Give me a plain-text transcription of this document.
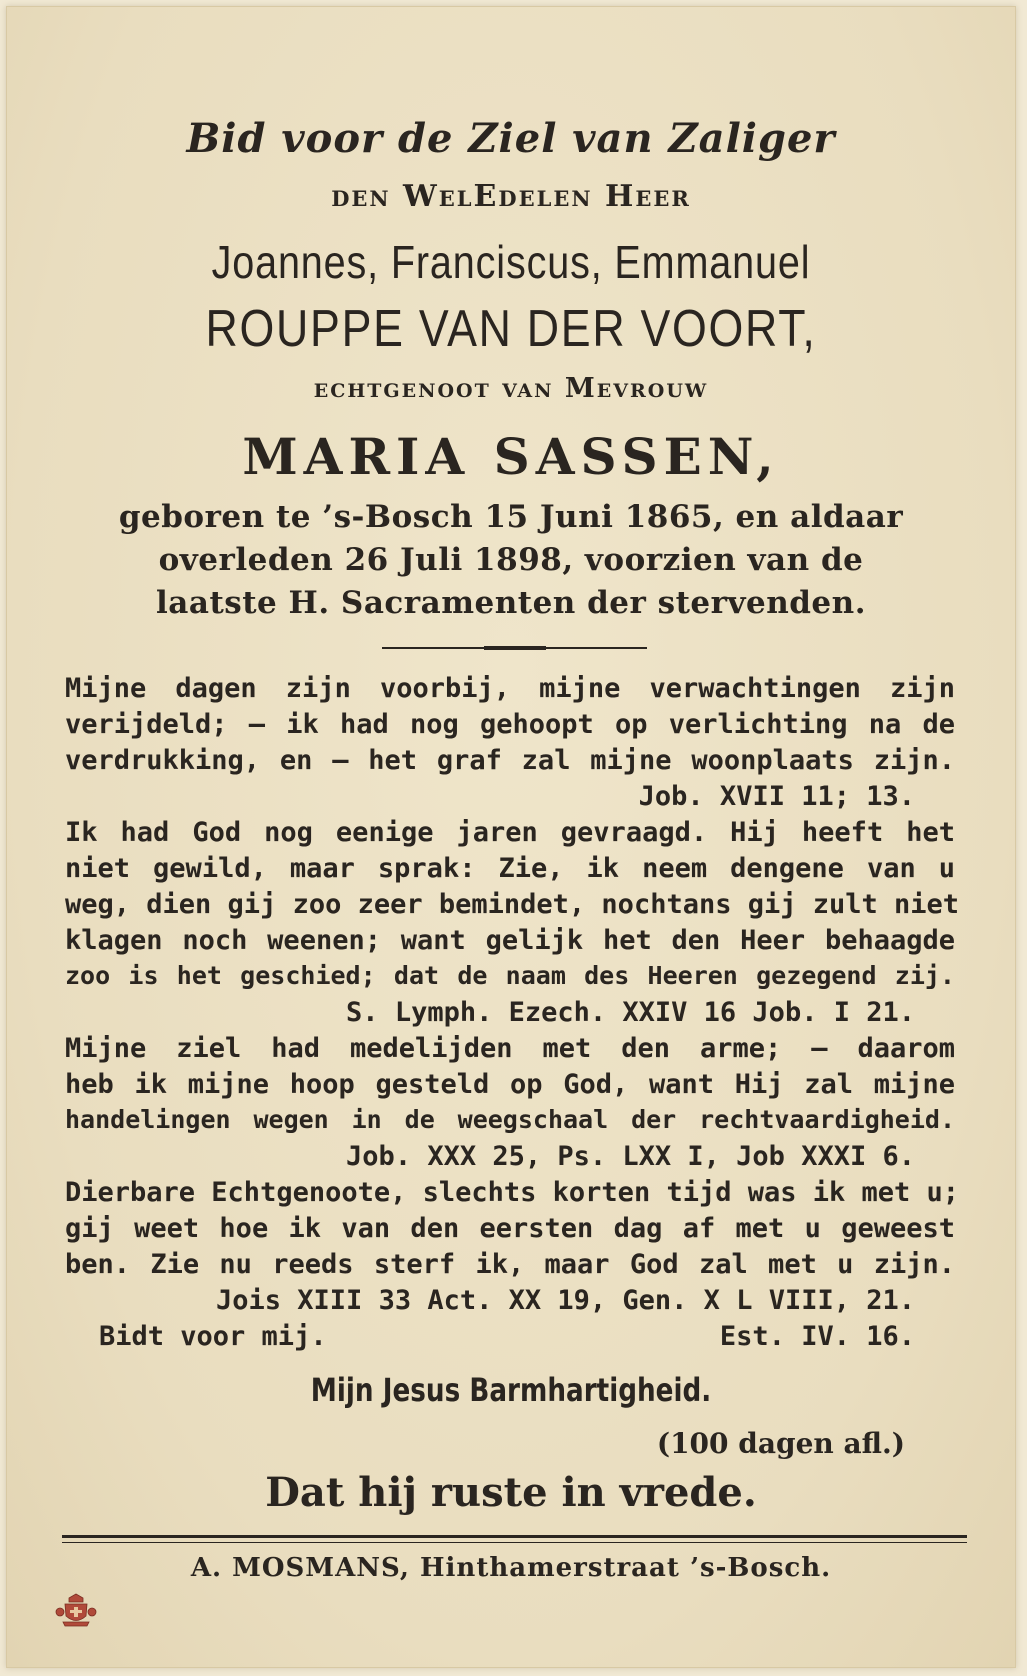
Bid voor de Ziel van Zaliger
den WelEdelen Heer
Joannes, Franciscus, Emmanuel
ROUPPE VAN DER VOORT,
echtgenoot van Mevrouw
MARIA SASSEN,
geboren te ’s-Bosch 15 Juni 1865, en aldaar
overleden 26 Juli 1898, voorzien van de
laatste H. Sacramenten der stervenden.
Mijne dagen zijn voorbij, mijne verwachtingen zijn
verijdeld; — ik had nog gehoopt op verlichting na de
verdrukking, en — het graf zal mijne woonplaats zijn.
Job. XVII 11; 13.
Ik had God nog eenige jaren gevraagd. Hij heeft het
niet gewild, maar sprak: Zie, ik neem dengene van u
weg, dien gij zoo zeer bemindet, nochtans gij zult niet
klagen noch weenen; want gelijk het den Heer behaagde
zoo is het geschied; dat de naam des Heeren gezegend zij.
S. Lymph. Ezech. XXIV 16 Job. I 21.
Mijne ziel had medelijden met den arme; — daarom
heb ik mijne hoop gesteld op God, want Hij zal mijne
handelingen wegen in de weegschaal der rechtvaardigheid.
Job. XXX 25, Ps. LXX I, Job XXXI 6.
Dierbare Echtgenoote, slechts korten tijd was ik met u;
gij weet hoe ik van den eersten dag af met u geweest
ben. Zie nu reeds sterf ik, maar God zal met u zijn.
Jois XIII 33 Act. XX 19, Gen. X L VIII, 21.
Bidt voor mij.	Est. IV. 16.
Mijn Jesus Barmhartigheid.
(100 dagen afl.)
Dat hij ruste in vrede.
A. MOSMANS, Hinthamerstraat ’s-Bosch.
